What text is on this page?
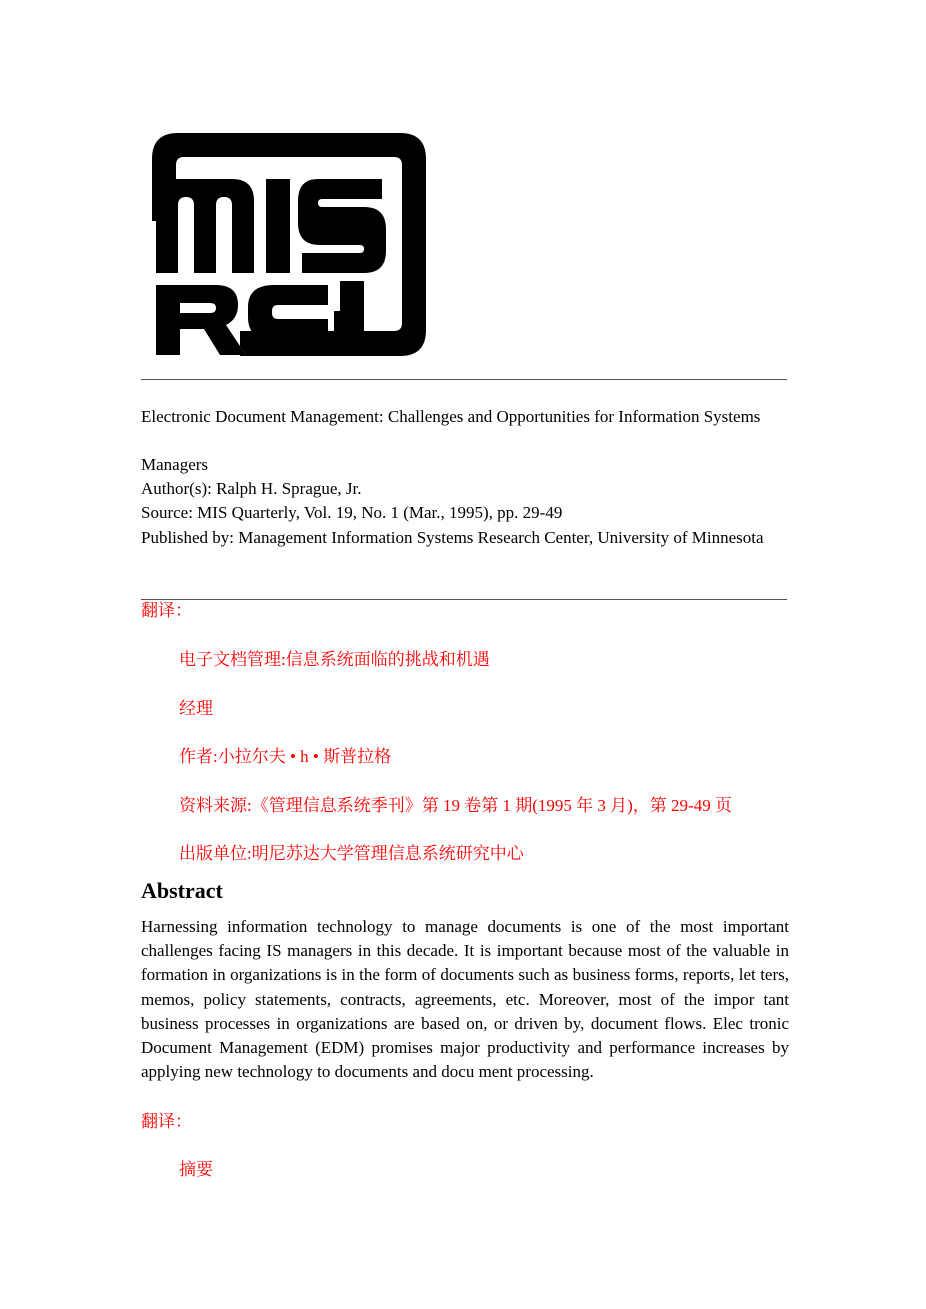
Electronic Document Management: Challenges and Opportunities for Information Systems

Managers

Author(s): Ralph H. Sprague, Jr.

Source: MIS Quarterly, Vol. 19, No. 1 (Mar., 1995), pp. 29-49

Published by: Management Information Systems Research Center, University of Minnesota

翻译：
电子文档管理:信息系统面临的挑战和机遇
经理
作者:小拉尔夫 • h • 斯普拉格
资料来源:《管理信息系统季刊》第 19 卷第 1 期(1995 年 3 月)，第 29-49 页
出版单位:明尼苏达大学管理信息系统研究中心
Abstract

Harnessing information technology to manage documents is one of the most important challenges facing IS managers in this decade. It is important because most of the valuable in formation in organizations is in the form of documents such as business forms, reports, let ters, memos, policy statements, contracts, agreements, etc. Moreover, most of the impor tant business processes in organizations are based on, or driven by, document flows. Elec tronic Document Management (EDM) promises major productivity and performance increases by applying new technology to documents and docu ment processing.

翻译：
摘要
